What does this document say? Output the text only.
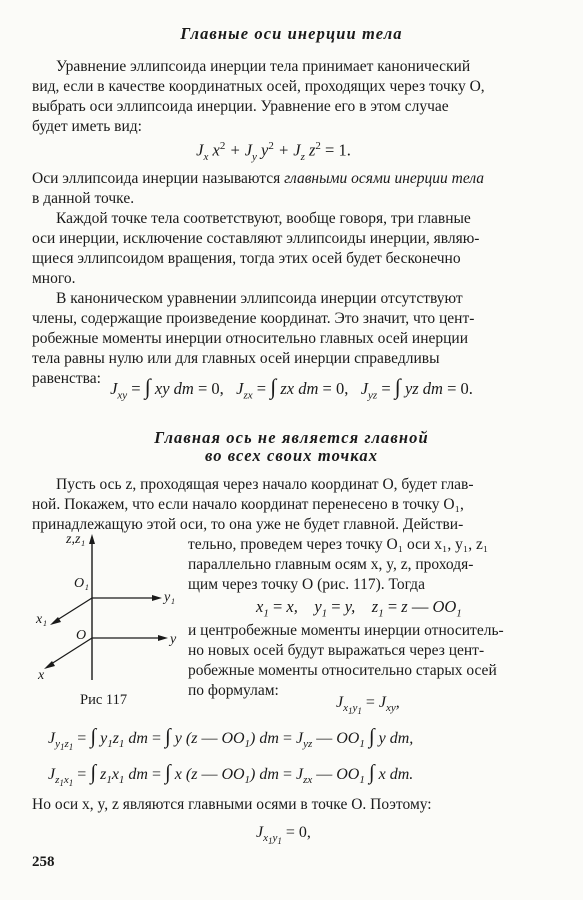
Главные оси инерции тела
Уравнение эллипсоида инерции тела принимает канонический
вид, если в качестве координатных осей, проходящих через точку O,
выбрать оси эллипсоида инерции. Уравнение его в этом случае
будет иметь вид:
$J_x$ $x^2 + J_y$ $y^2 + J_z$ $z^2 = 1$.
Оси эллипсоида инерции называются главными осями инерции тела
в данной точке.
Каждой точке тела соответствуют, вообще говоря, три главные
оси инерции, исключение составляют эллипсоиды инерции, являю-
щиеся эллипсоидом вращения, тогда этих осей будет бесконечно
много.
В каноническом уравнении эллипсоида инерции отсутствуют
члены, содержащие произведение координат. Это значит, что цент-
робежные моменты инерции относительно главных осей инерции
тела равны нулю или для главных осей инерции справедливы
равенства:
$J_{xy}$ = ∫ xy dm = 0,   $J_{zx}$ = ∫ zx dm = 0,   $J_{yz}$ = ∫ yz dm = 0.
Главная ось не является главной
во всех своих точках
Пусть ось z, проходящая через начало координат O, будет глав-
ной. Покажем, что если начало координат перенесено в точку O₁,
принадлежащую этой оси, то она уже не будет главной. Действи-
тельно, проведем через точку O₁ оси x₁, y₁, z₁
параллельно главным осям x, y, z, проходя-
щим через точку O (рис. 117). Тогда
$x_1 = x$,    $y_1 = y$,    $z_1 = z$ — $OO_1$
и центробежные моменты инерции относитель-
но новых осей будут выражаться через цент-
робежные моменты относительно старых осей
по формулам:
z,z₁
O₁
y₁
x₁
O	y
x
Рис 117	$J_{x_1y_1} = J_{xy}$,
$J_{y_1z_1}$ = ∫ $y_1z_1$ dm = ∫ y (z — $OO_1$) dm = $J_{yz}$ — $OO_1$ ∫ y dm,
$J_{z_1x_1}$ = ∫ $z_1x_1$ dm = ∫ x (z — $OO_1$) dm = $J_{zx}$ — $OO_1$ ∫ x dm.
Но оси x, y, z являются главными осями в точке O. Поэтому:
$J_{x_1y_1} = 0$,
258
